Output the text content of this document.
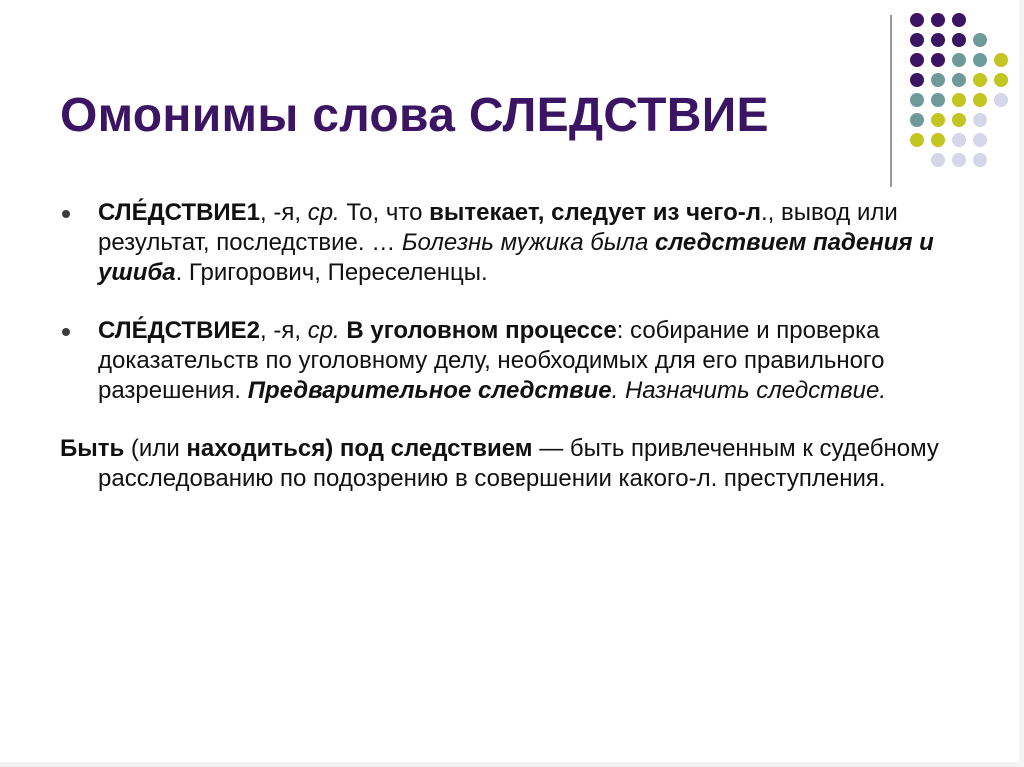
Омонимы слова СЛЕДСТВИЕ
СЛЕ́ДСТВИЕ1, -я, ср. То, что вытекает, следует из чего-л., вывод или результат, последствие. … Болезнь мужика была следствием падения и ушиба. Григорович, Переселенцы.
СЛЕ́ДСТВИЕ2, -я, ср. В уголовном процессе: собирание и проверка доказательств по уголовному делу, необходимых для его правильного разрешения. Предварительное следствие. Назначить следствие.
Быть (или находиться) под следствием — быть привлеченным к судебному расследованию по подозрению в совершении какого-л. преступления.
